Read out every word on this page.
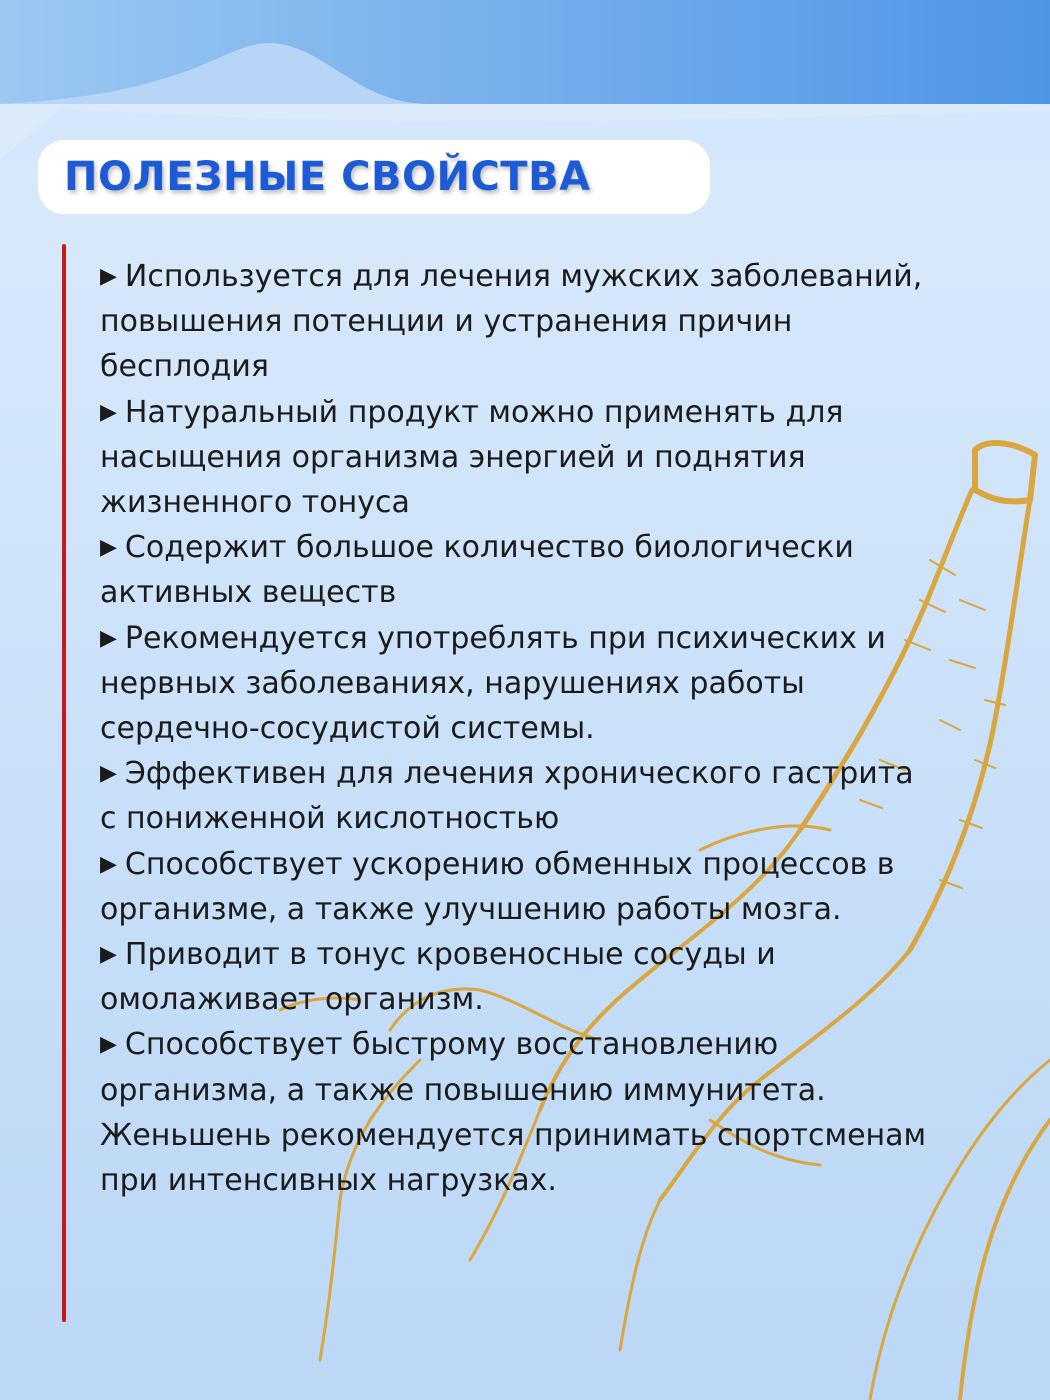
ПОЛЕЗНЫЕ СВОЙСТВА

▶ Используется для лечения мужских заболеваний, повышения потенции и устранения причин бесплодия

▶ Натуральный продукт можно применять для насыщения организма энергией и поднятия жизненного тонуса

▶ Содержит большое количество биологически активных веществ

▶ Рекомендуется употреблять при психических и нервных заболеваниях, нарушениях работы сердечно-сосудистой системы.

▶ Эффективен для лечения хронического гастрита с пониженной кислотностью

▶ Способствует ускорению обменных процессов в организме, а также улучшению работы мозга.

▶ Приводит в тонус кровеносные сосуды и омолаживает организм.

▶ Способствует быстрому восстановлению организма, а также повышению иммунитета. Женьшень рекомендуется принимать спортсменам при интенсивных нагрузках.
